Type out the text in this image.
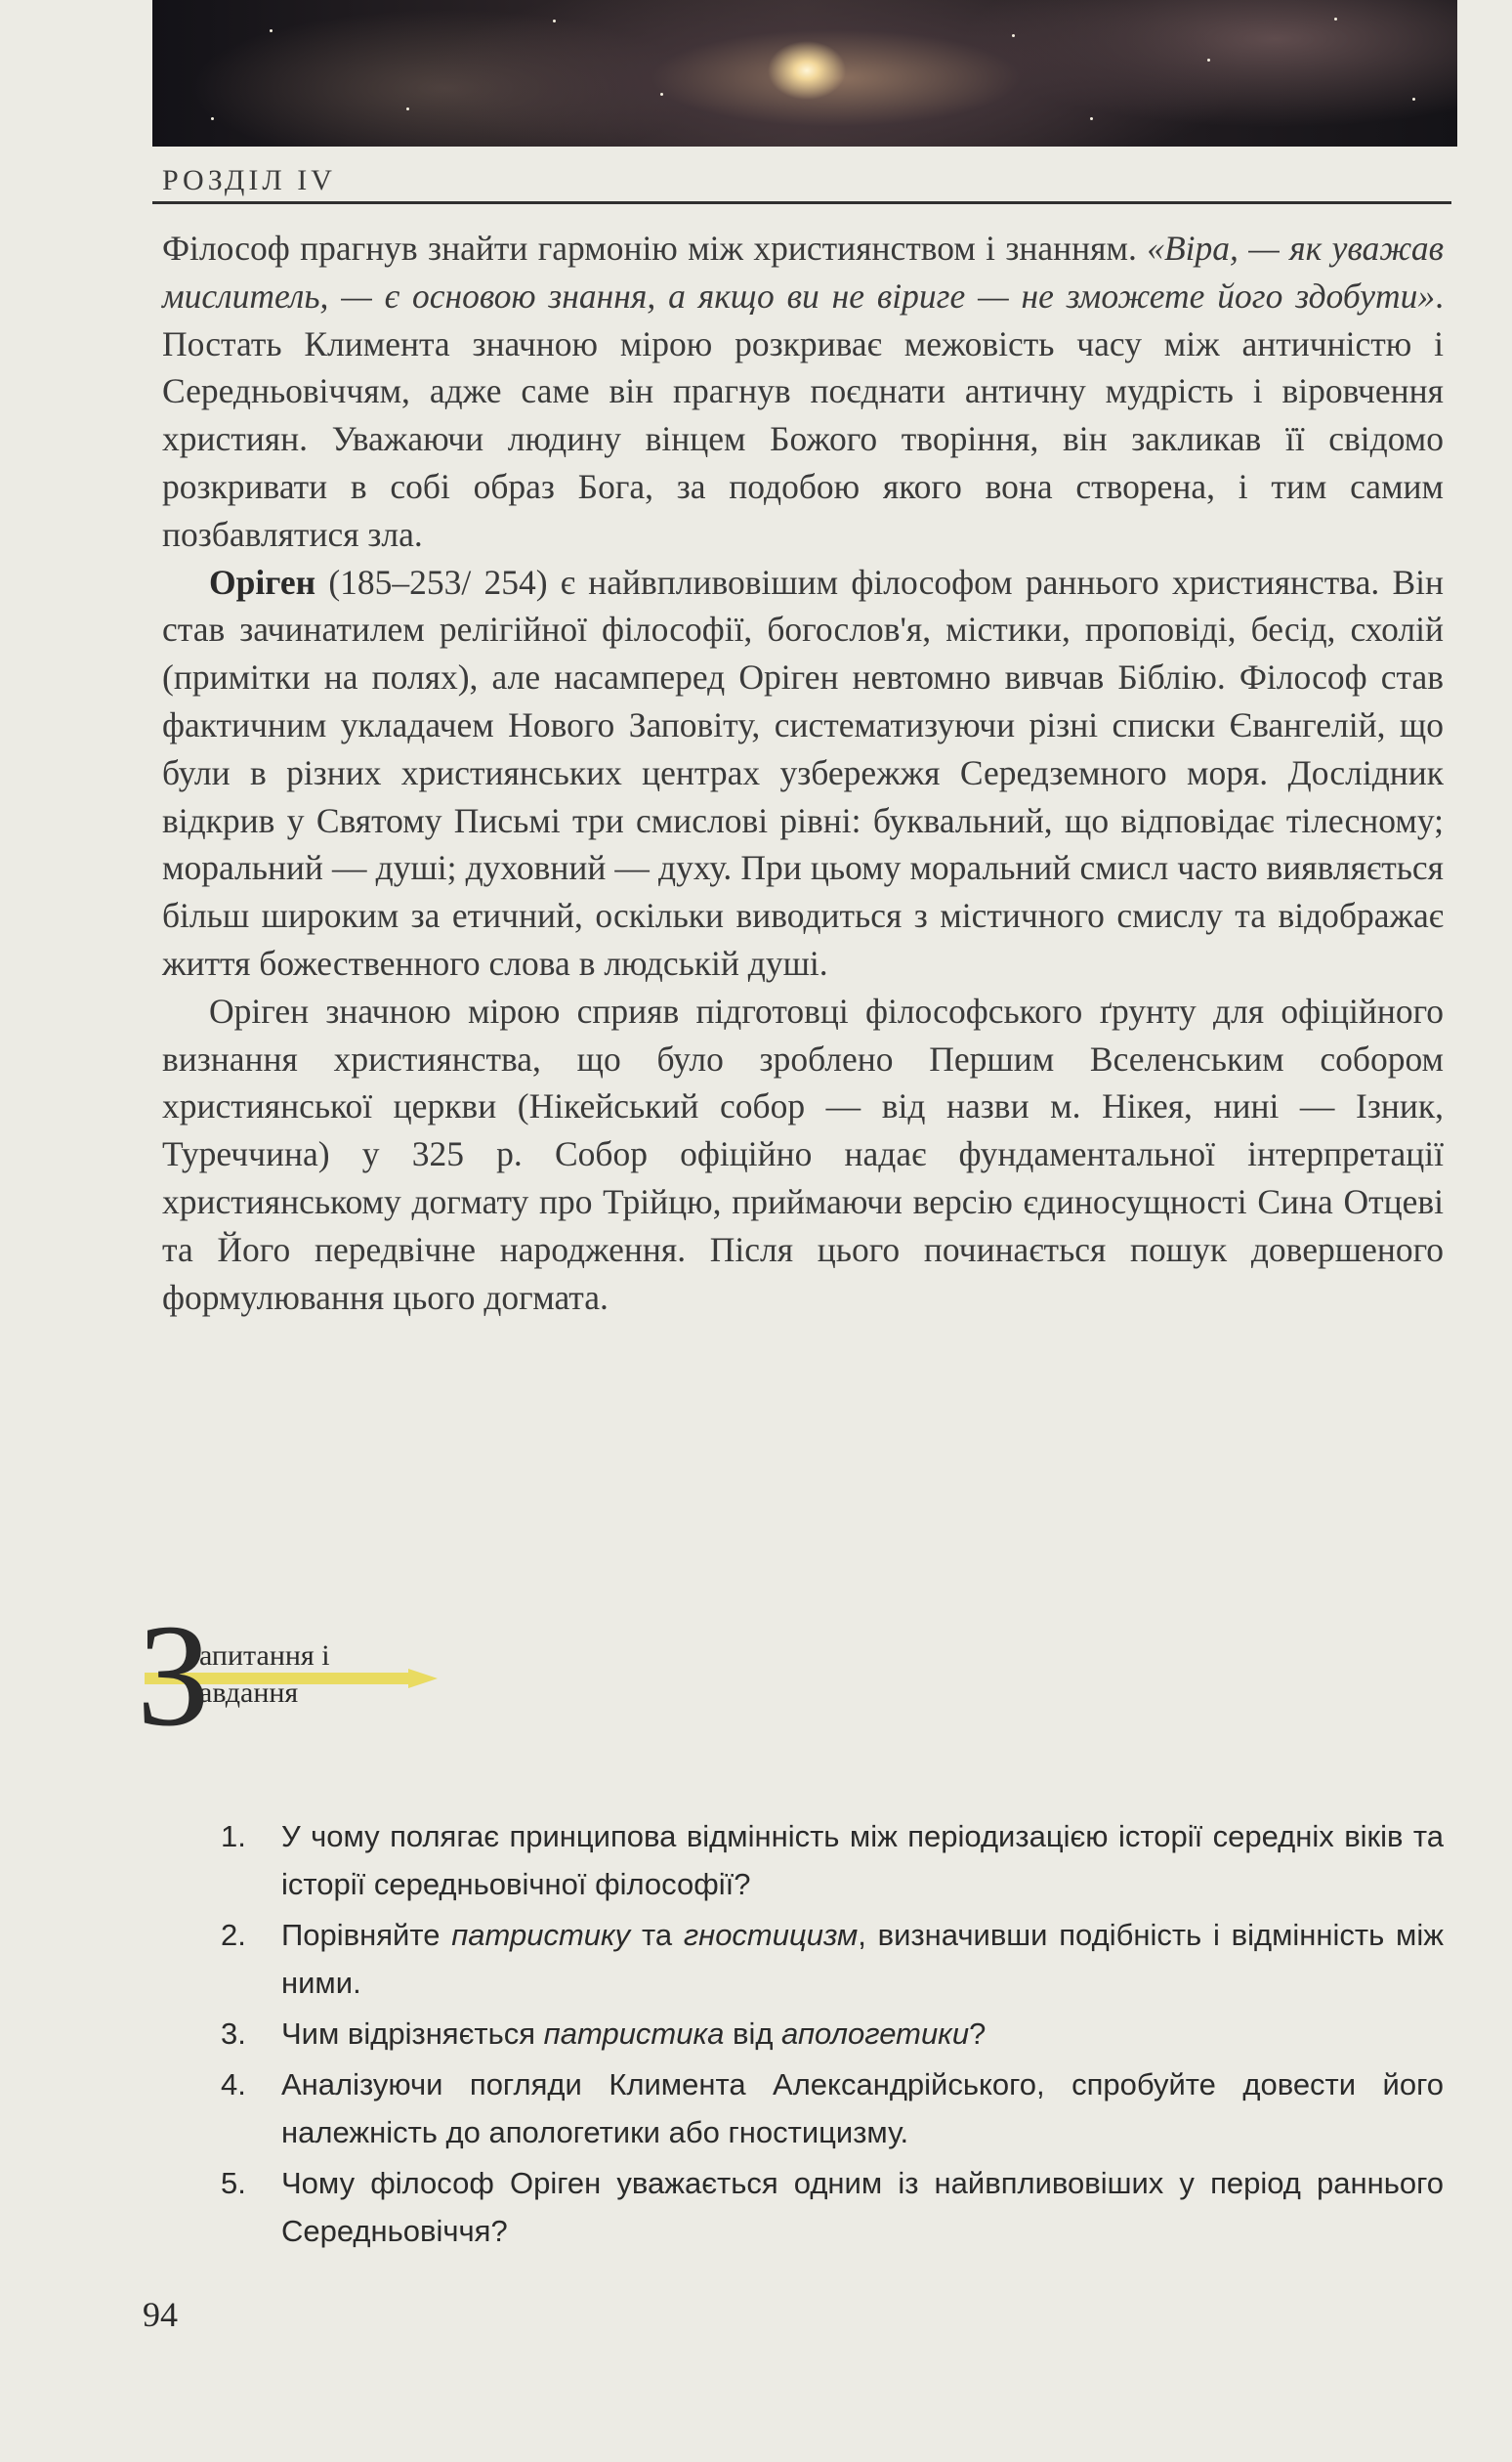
РОЗДІЛ IV

Філософ прагнув знайти гармонію між християнством і знанням. «Віра, — як уважав мислитель, — є основою знання, а якщо ви не віриге — не зможете його здобути». Постать Климента значною мірою розкриває межовість часу між античністю і Середньовіччям, адже саме він прагнув поєднати античну мудрість і віровчення християн. Уважаючи людину вінцем Божого творіння, він закликав її свідомо розкривати в собі образ Бога, за подобою якого вона створена, і тим самим позбавлятися зла.

Оріген (185–253/ 254) є найвпливовішим філософом раннього християнства. Він став зачинатилем релігійної філософії, богослов'я, містики, проповіді, бесід, схолій (примітки на полях), але насамперед Оріген невтомно вивчав Біблію. Філософ став фактичним укладачем Нового Заповіту, систематизуючи різні списки Євангелій, що були в різних християнських центрах узбережжя Середземного моря. Дослідник відкрив у Святому Письмі три смислові рівні: буквальний, що відповідає тілесному; моральний — душі; духовний — духу. При цьому моральний смисл часто виявляється більш широким за етичний, оскільки виводиться з містичного смислу та відображає життя божественного слова в людській душі.

Оріген значною мірою сприяв підготовці філософського ґрунту для офіційного визнання християнства, що було зроблено Першим Вселенським собором християнської церкви (Нікейський собор — від назви м. Нікея, нині — Ізник, Туреччина) у 325 р. Собор офіційно надає фундаментальної інтерпретації християнському догмату про Трійцю, приймаючи версію єдиносущності Сина Отцеві та Його передвічне народження. Після цього починається пошук довершеного формулювання цього догмата.

З
апитання і
авдання
1. У чому полягає принципова відмінність між періодизацією історії середніх віків та історії середньовічної філософії?
2. Порівняйте патристику та гностицизм, визначивши подібність і відмінність між ними.
3. Чим відрізняється патристика від апологетики?
4. Аналізуючи погляди Климента Александрійського, спробуйте довести його належність до апологетики або гностицизму.
5. Чому філософ Оріген уважається одним із найвпливовіших у період раннього Середньовіччя?
94
